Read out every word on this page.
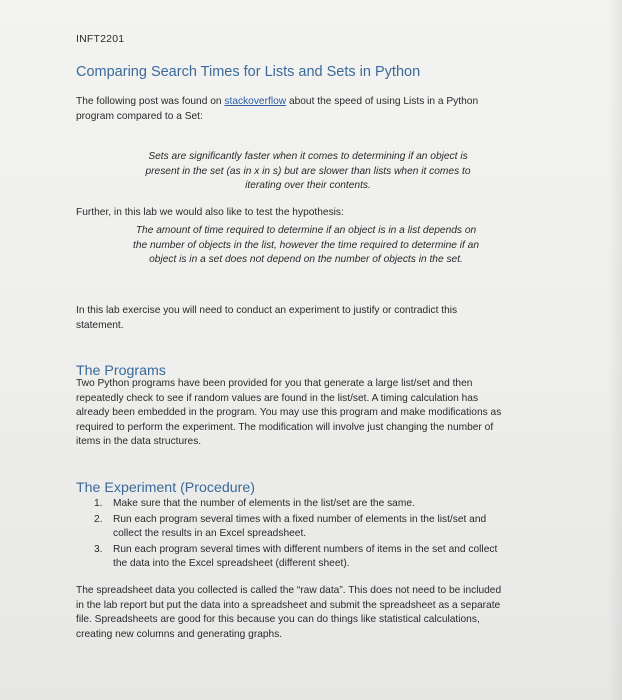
INFT2201
Comparing Search Times for Lists and Sets in Python
The following post was found on stackoverflow about the speed of using Lists in a Python
program compared to a Set:
Sets are significantly faster when it comes to determining if an object is
present in the set (as in x in s) but are slower than lists when it comes to
iterating over their contents.
Further, in this lab we would also like to test the hypothesis:
The amount of time required to determine if an object is in a list depends on
the number of objects in the list, however the time required to determine if an
object is in a set does not depend on the number of objects in the set.
In this lab exercise you will need to conduct an experiment to justify or contradict this
statement.
The Programs
Two Python programs have been provided for you that generate a large list/set and then
repeatedly check to see if random values are found in the list/set. A timing calculation has
already been embedded in the program. You may use this program and make modifications as
required to perform the experiment. The modification will involve just changing the number of
items in the data structures.
The Experiment (Procedure)
1. Make sure that the number of elements in the list/set are the same.
2. Run each program several times with a fixed number of elements in the list/set and
collect the results in an Excel spreadsheet.
3. Run each program several times with different numbers of items in the set and collect
the data into the Excel spreadsheet (different sheet).
The spreadsheet data you collected is called the “raw data”. This does not need to be included
in the lab report but put the data into a spreadsheet and submit the spreadsheet as a separate
file. Spreadsheets are good for this because you can do things like statistical calculations,
creating new columns and generating graphs.
